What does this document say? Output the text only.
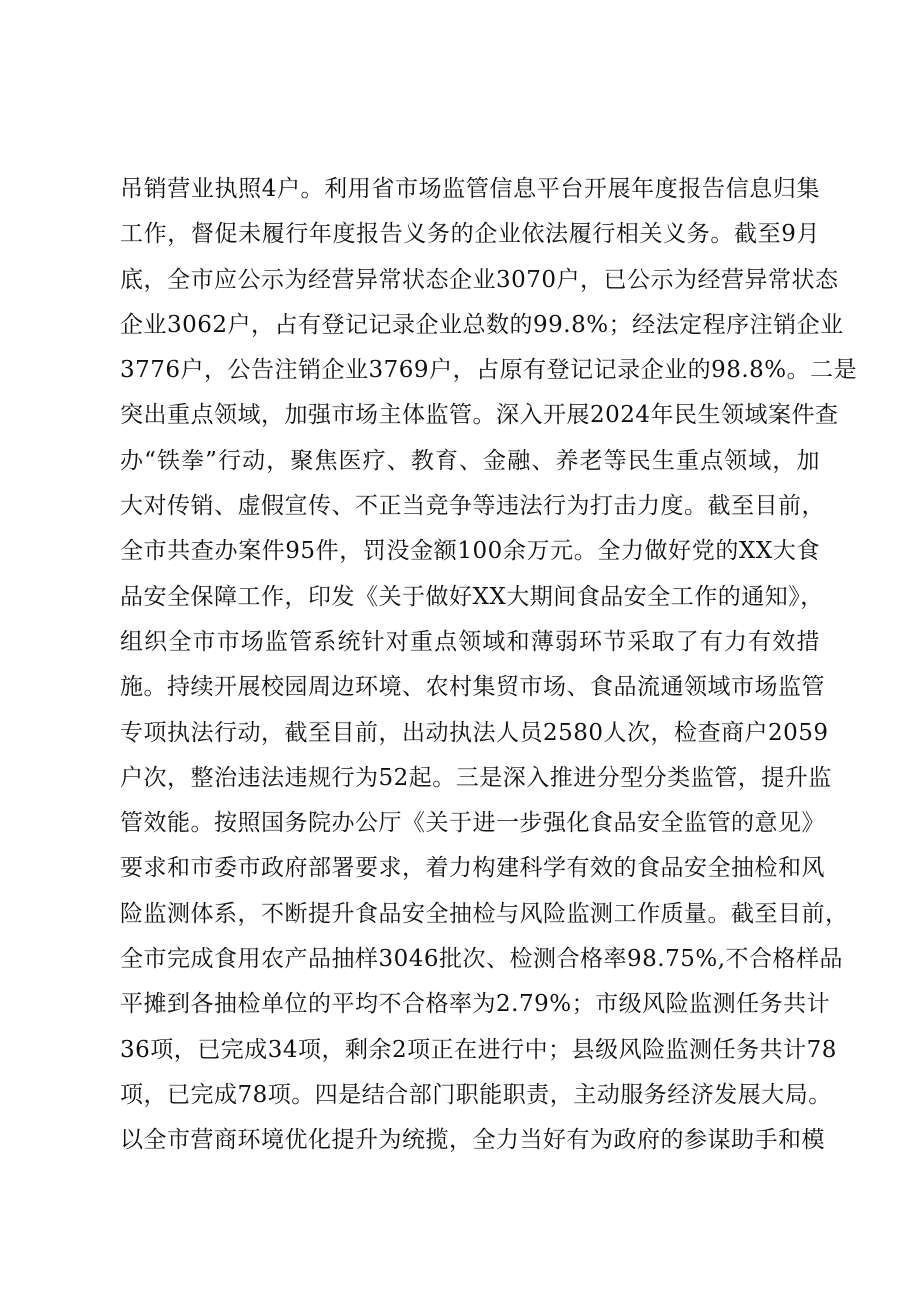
吊销营业执照4户。利用省市场监管信息平台开展年度报告信息归集
工作，督促未履行年度报告义务的企业依法履行相关义务。截至9月
底，全市应公示为经营异常状态企业3070户，已公示为经营异常状态
企业3062户，占有登记记录企业总数的99.8%；经法定程序注销企业
3776户，公告注销企业3769户，占原有登记记录企业的98.8%。二是
突出重点领域，加强市场主体监管。深入开展2024年民生领域案件查
办“铁拳”行动，聚焦医疗、教育、金融、养老等民生重点领域，加
大对传销、虚假宣传、不正当竞争等违法行为打击力度。截至目前，
全市共查办案件95件，罚没金额100余万元。全力做好党的XX大食
品安全保障工作，印发《关于做好XX大期间食品安全工作的通知》，
组织全市市场监管系统针对重点领域和薄弱环节采取了有力有效措
施。持续开展校园周边环境、农村集贸市场、食品流通领域市场监管
专项执法行动，截至目前，出动执法人员2580人次，检查商户2059
户次，整治违法违规行为52起。三是深入推进分型分类监管，提升监
管效能。按照国务院办公厅《关于进一步强化食品安全监管的意见》
要求和市委市政府部署要求，着力构建科学有效的食品安全抽检和风
险监测体系，不断提升食品安全抽检与风险监测工作质量。截至目前，
全市完成食用农产品抽样3046批次、检测合格率98.75%,不合格样品
平摊到各抽检单位的平均不合格率为2.79%；市级风险监测任务共计
36项，已完成34项，剩余2项正在进行中；县级风险监测任务共计78
项，已完成78项。四是结合部门职能职责，主动服务经济发展大局。
以全市营商环境优化提升为统揽，全力当好有为政府的参谋助手和模
